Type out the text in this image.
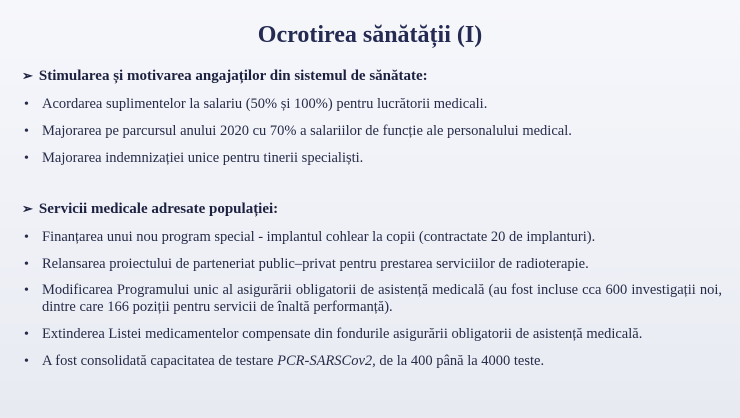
Ocrotirea sănătății (I)
➢ Stimularea și motivarea angajaților din sistemul de sănătate:
• Acordarea suplimentelor la salariu (50% și 100%) pentru lucrătorii medicali.
• Majorarea pe parcursul anului 2020 cu 70% a salariilor de funcție ale personalului medical.
• Majorarea indemnizației unice pentru tinerii specialiști.
➢ Servicii medicale adresate populației:
• Finanțarea unui nou program special - implantul cohlear la copii (contractate 20 de implanturi).
• Relansarea proiectului de parteneriat public–privat pentru prestarea serviciilor de radioterapie.
• Modificarea Programului unic al asigurării obligatorii de asistență medicală (au fost incluse cca 600 investigații noi, dintre care 166 poziții pentru servicii de înaltă performanță).
• Extinderea Listei medicamentelor compensate din fondurile asigurării obligatorii de asistență medicală.
• A fost consolidată capacitatea de testare PCR-SARSCov2, de la 400 până la 4000 teste.
